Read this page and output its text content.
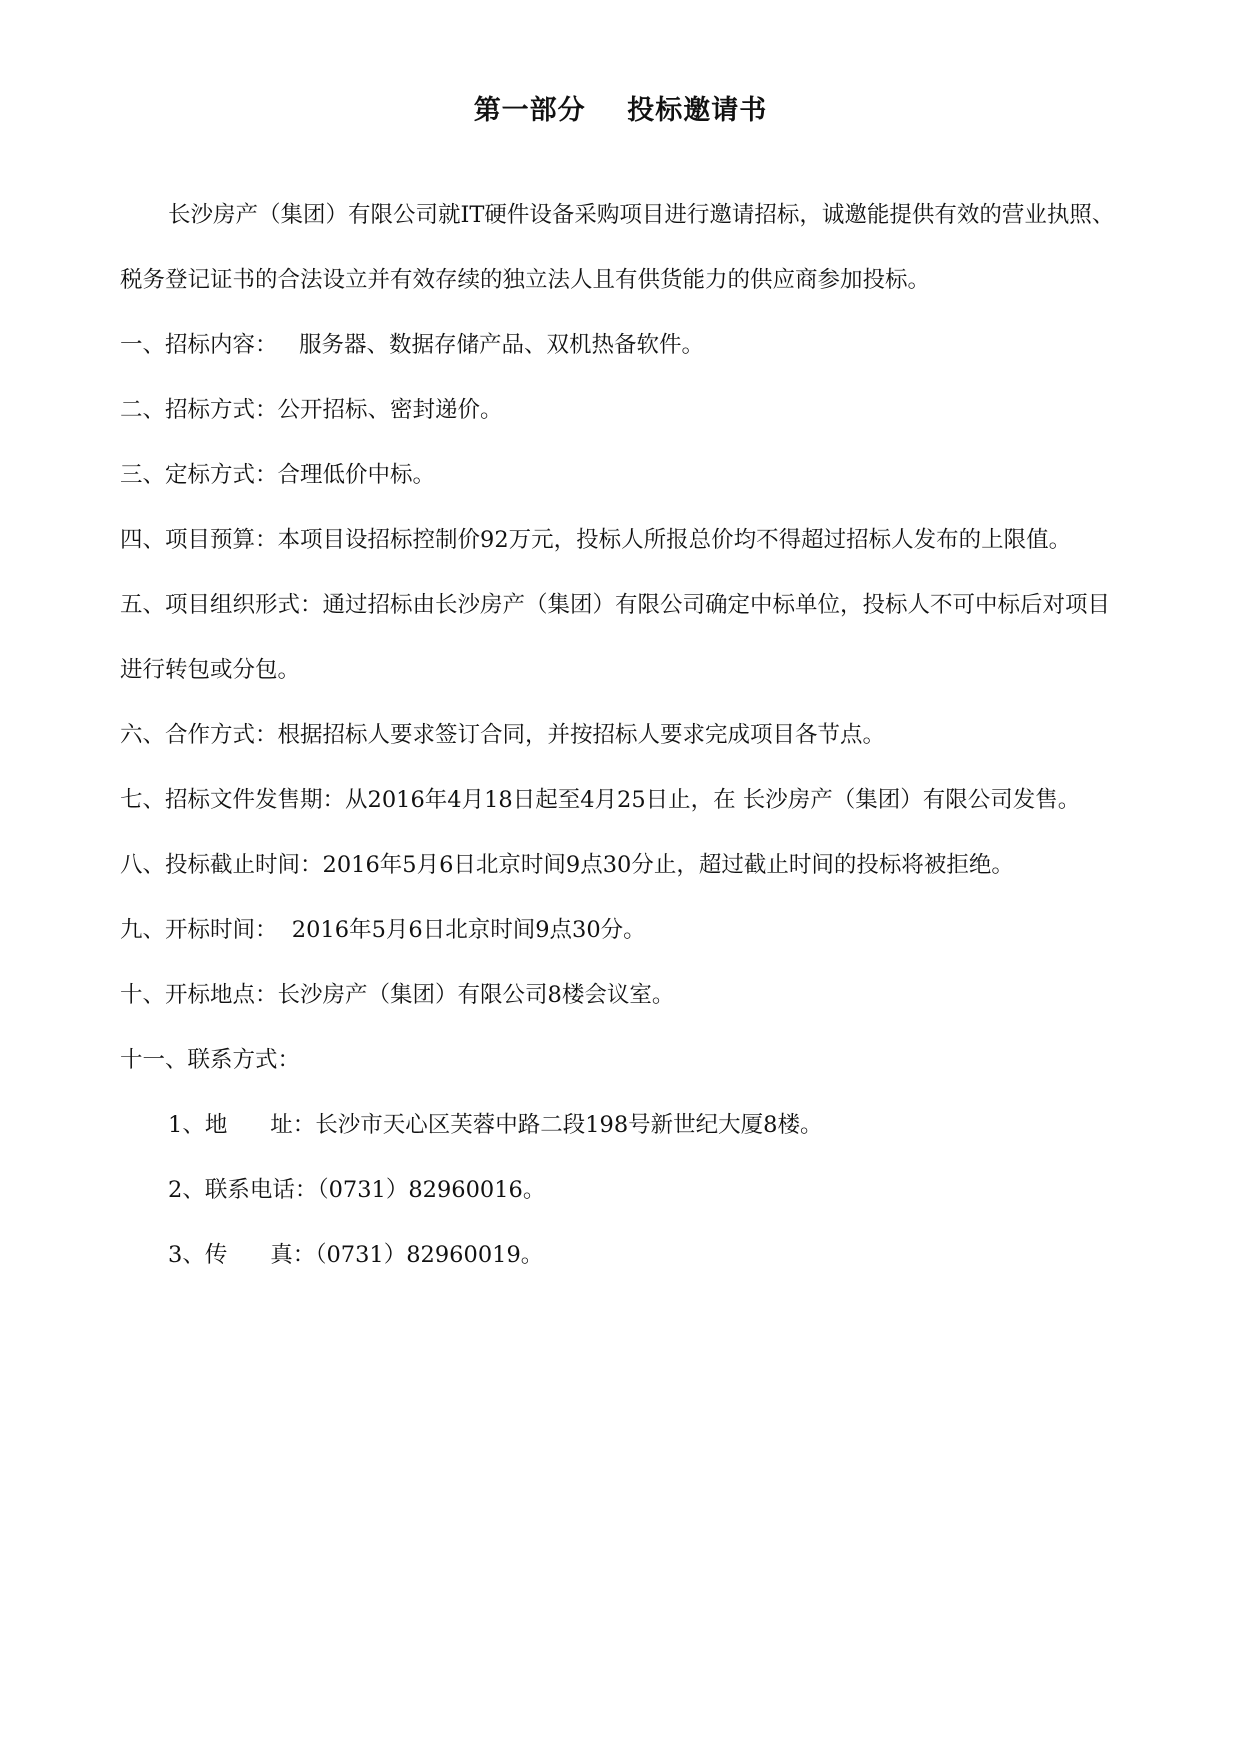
第一部分    投标邀请书

长沙房产（集团）有限公司就IT硬件设备采购项目进行邀请招标，诚邀能提供有效的营业执照、税务登记证书的合法设立并有效存续的独立法人且有供货能力的供应商参加投标。

一、招标内容：   服务器、数据存储产品、双机热备软件。

二、招标方式：公开招标、密封递价。

三、定标方式：合理低价中标。

四、项目预算：本项目设招标控制价92万元，投标人所报总价均不得超过招标人发布的上限值。

五、项目组织形式：通过招标由长沙房产（集团）有限公司确定中标单位，投标人不可中标后对项目进行转包或分包。

六、合作方式：根据招标人要求签订合同，并按招标人要求完成项目各节点。

七、招标文件发售期：从2016年4月18日起至4月25日止，在 长沙房产（集团）有限公司发售。

八、投标截止时间：2016年5月6日北京时间9点30分止，超过截止时间的投标将被拒绝。

九、开标时间：  2016年5月6日北京时间9点30分。

十、开标地点：长沙房产（集团）有限公司8楼会议室。

十一、联系方式：

1、地      址：长沙市天心区芙蓉中路二段198号新世纪大厦8楼。

2、联系电话：（0731）82960016。

3、传      真：（0731）82960019。
